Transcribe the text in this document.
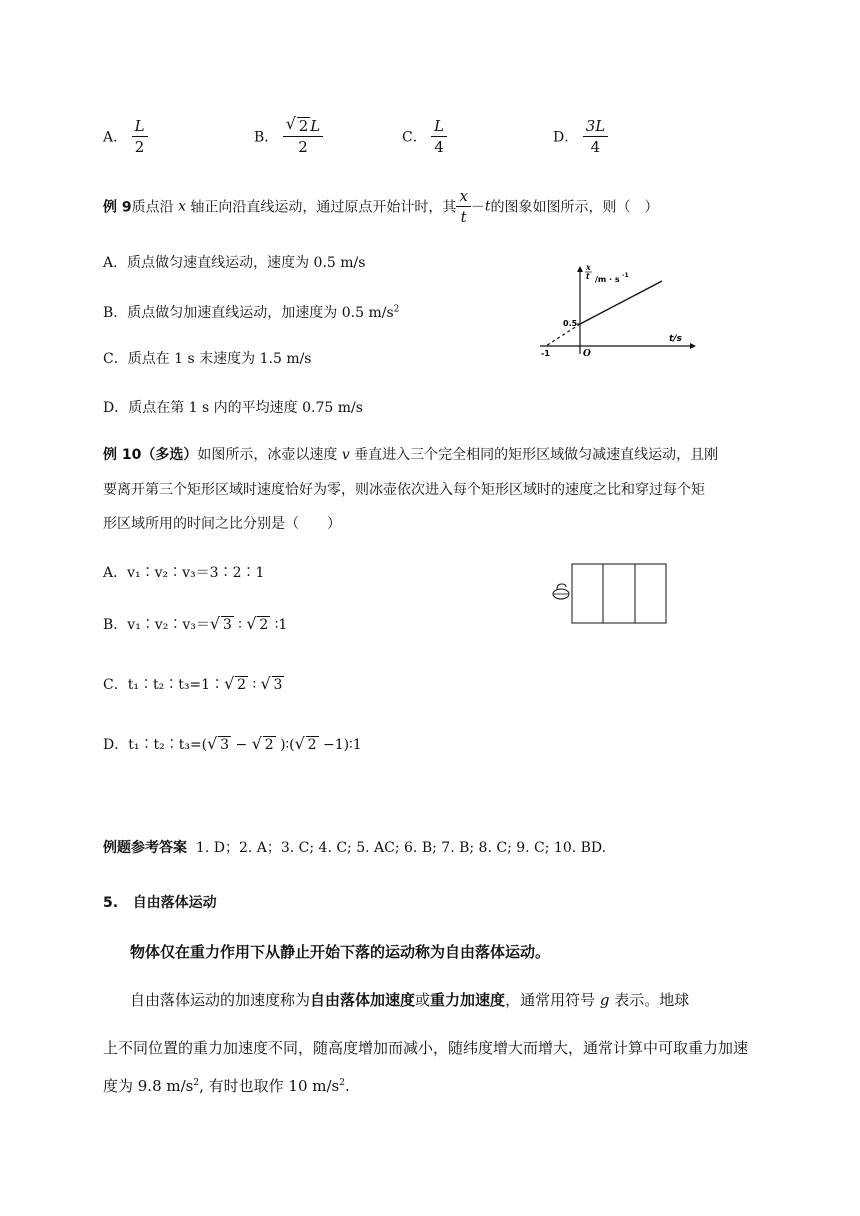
A． $\frac{L}{2}$	B． $\frac{√ 2 L}{2}$	C． $\frac{L}{4}$	D． $\frac{3L}{4}$
例 9质点沿 x 轴正向沿直线运动，通过原点开始计时，其 $\frac{x}{t} -t$的图象如图所示，则（　）
A．质点做匀速直线运动，速度为 0.5 m/s
B．质点做匀加速直线运动，加速度为 0.5 $m/s^2$
C．质点在 1 s 末速度为 1.5 m/s
D．质点在第 1 s 内的平均速度 0.75 m/s
x
t /m · s -1
t/s
0.5
-1	O
例 10（多选）如图所示，冰壶以速度 v 垂直进入三个完全相同的矩形区域做匀减速直线运动，且刚
要离开第三个矩形区域时速度恰好为零，则冰壶依次进入每个矩形区域时的速度之比和穿过每个矩
形区域所用的时间之比分别是（　　）
A．v₁∶v₂∶v₃＝3∶2∶1
B．v₁∶v₂∶v₃＝ √ 3 ∶ √ 2 ∶1
C．t₁∶t₂∶t₃=1∶ √ 2 ∶ √ 3
D．t₁∶t₂∶t₃=( √ 3 − √ 2 )∶( √ 2 −1)∶1
例题参考答案 1. D；2. A；3. C; 4. C; 5. AC; 6. B; 7. B; 8. C; 9. C; 10. BD.
5. 自由落体运动
物体仅在重力作用下从静止开始下落的运动称为自由落体运动。
自由落体运动的加速度称为自由落体加速度或重力加速度，通常用符号 g 表示。地球
上不同位置的重力加速度不同，随高度增加而减小，随纬度增大而增大，通常计算中可取重力加速
度为 9.8 $m/s^2$, 有时也取作 10 $m/s^2$.
